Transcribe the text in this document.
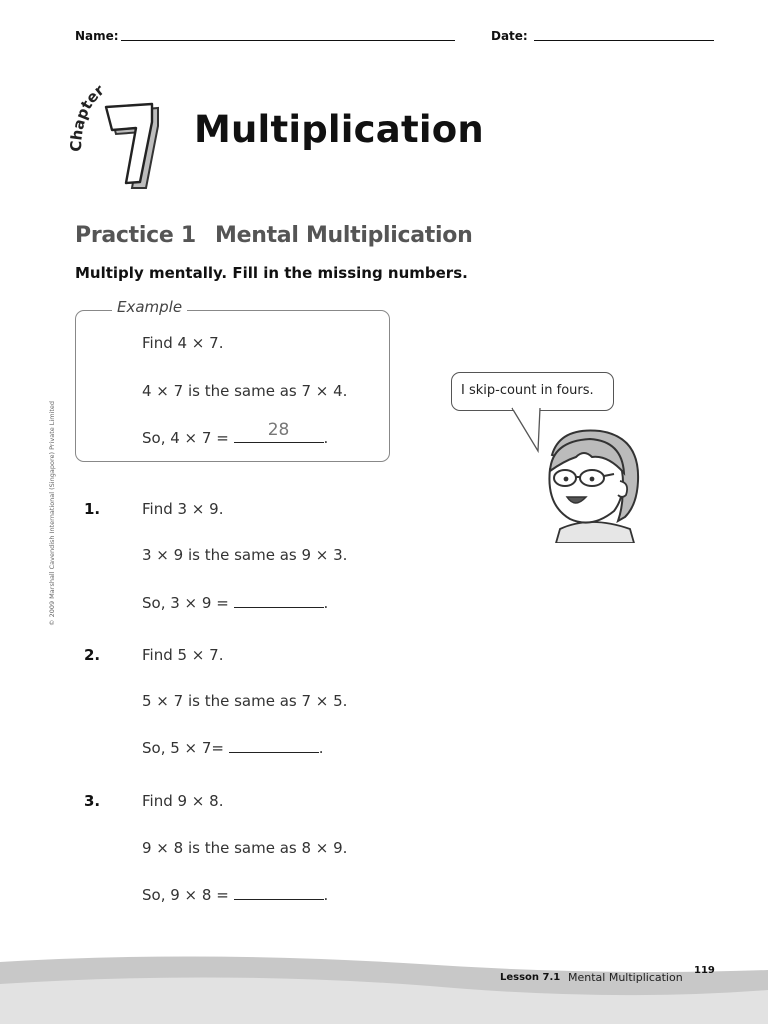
Name:	Date:
Chapter
Multiplication
Practice 1 Mental Multiplication
Multiply mentally. Fill in the missing numbers.
Example
Find 4 × 7.
4 × 7 is the same as 7 × 4.
So, 4 × 7 =	28	.
I skip-count in fours.
1.	Find 3 × 9.
3 × 9 is the same as 9 × 3.
So, 3 × 9 =	.
2.	Find 5 × 7.
5 × 7 is the same as 7 × 5.
So, 5 × 7=	.
3.	Find 9 × 8.
9 × 8 is the same as 8 × 9.
So, 9 × 8 =	.
© 2009 Marshall Cavendish International (Singapore) Private Limited
Lesson 7.1 Mental Multiplication
119
